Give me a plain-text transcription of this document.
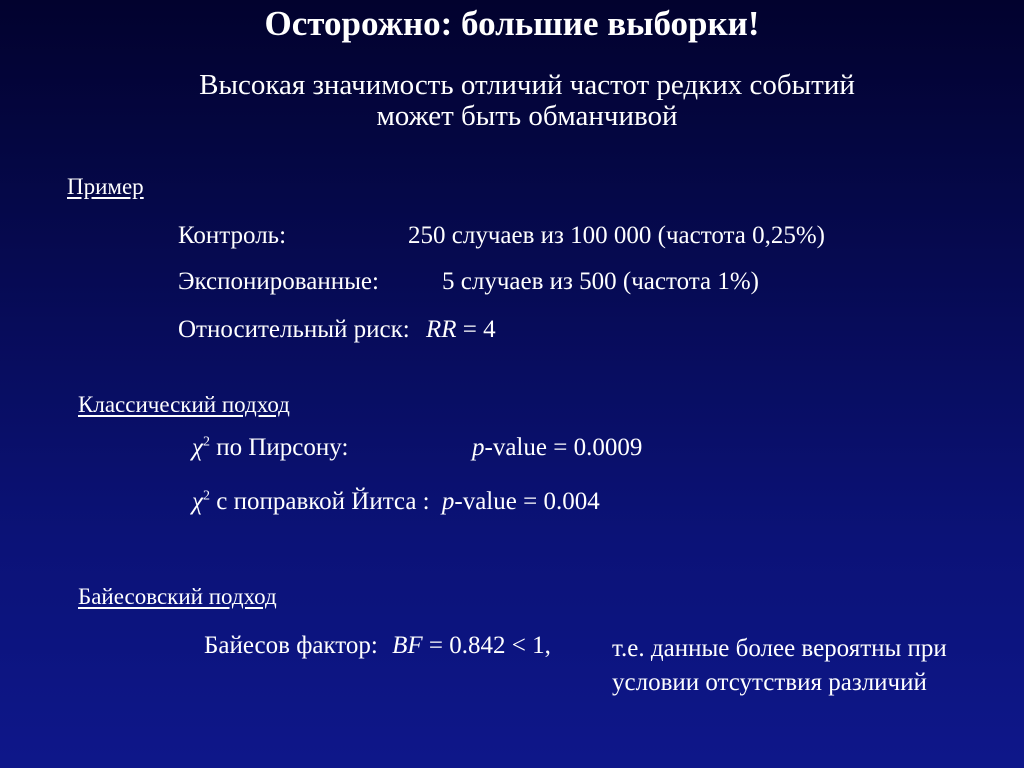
Осторожно: большие выборки!
Высокая значимость отличий частот редких событий
может быть обманчивой
Пример
Контроль:	250 случаев из 100 000 (частота 0,25%)
Экспонированные:	5 случаев из 500 (частота 1%)
Относительный риск: RR = 4
Классический подход
$\chi^2$ по Пирсону:	p-value = 0.0009
$\chi^2$ с поправкой Йитса : p-value = 0.004
Байесовский подход
Байесов фактор: BF = 0.842 < 1, т.е. данные более вероятны при
условии отсутствия различий
